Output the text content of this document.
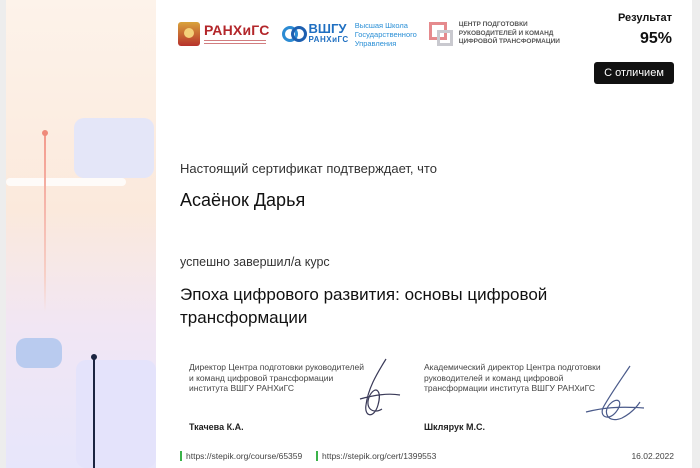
РАНХиГС	ВШГУ
РАНХиГС
Высшая Школа Государственного Управления
ЦЕНТР ПОДГОТОВКИ РУКОВОДИТЕЛЕЙ И КОМАНД ЦИФРОВОЙ ТРАНСФОРМАЦИИ
Результат
95%
С отличием
Настоящий сертификат подтверждает, что
Асаёнок Дарья
успешно завершил/а курс
Эпоха цифрового развития: основы цифровой трансформации
Директор Центра подготовки руководителей и команд цифровой трансформации института ВШГУ РАНХиГС
Ткачева К.А.
Академический директор Центра подготовки руководителей и команд цифровой трансформации института ВШГУ РАНХиГС
Шклярук М.С.
https://stepik.org/course/65359 https://stepik.org/cert/1399553	16.02.2022
